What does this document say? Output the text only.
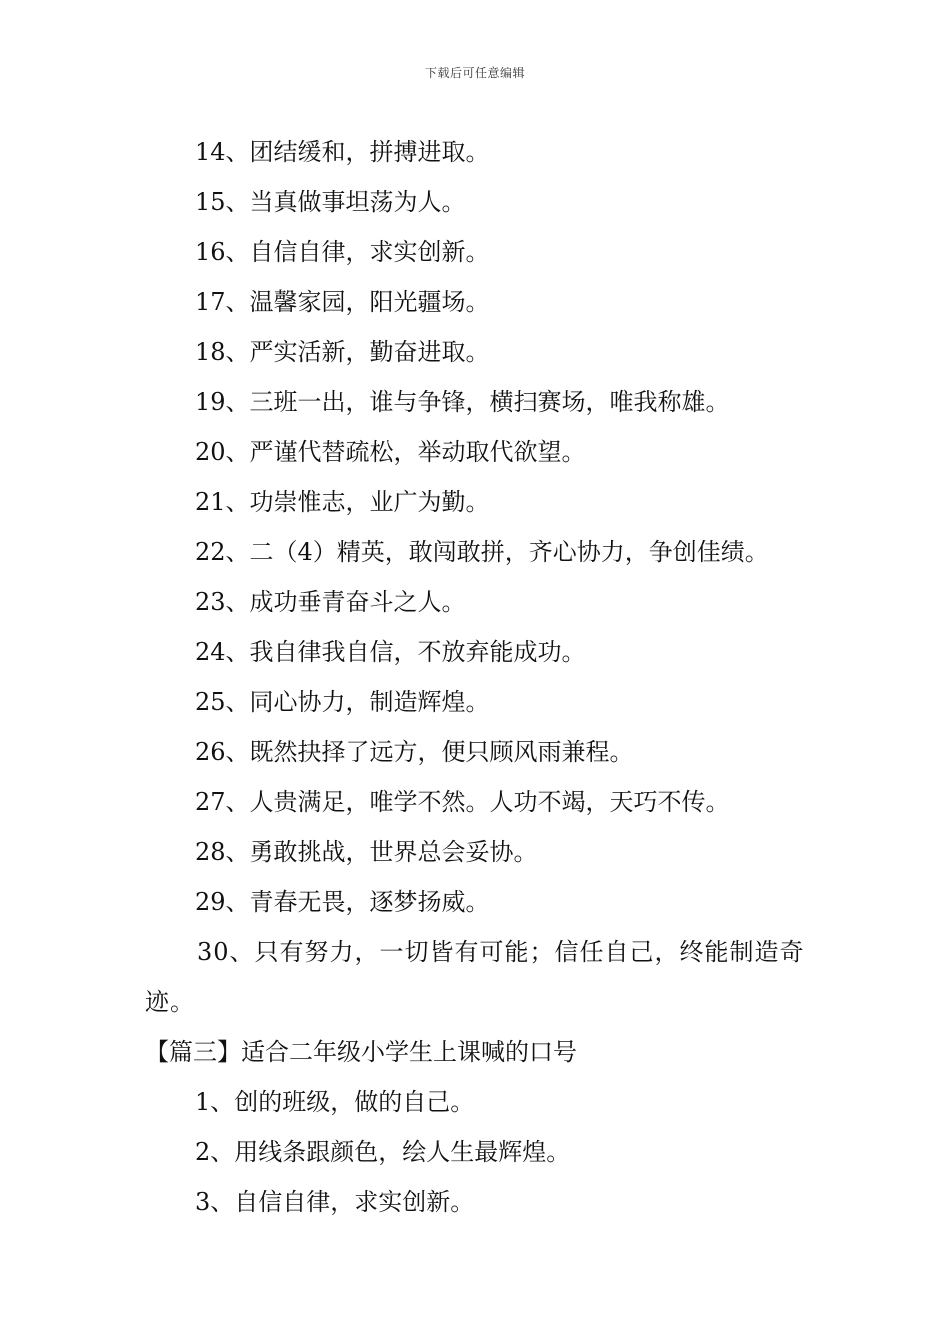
下载后可任意编辑
14、团结缓和，拼搏进取。
15、当真做事坦荡为人。
16、自信自律，求实创新。
17、温馨家园，阳光疆场。
18、严实活新，勤奋进取。
19、三班一出，谁与争锋，横扫赛场，唯我称雄。
20、严谨代替疏松，举动取代欲望。
21、功崇惟志，业广为勤。
22、二（4）精英，敢闯敢拼，齐心协力，争创佳绩。
23、成功垂青奋斗之人。
24、我自律我自信，不放弃能成功。
25、同心协力，制造辉煌。
26、既然抉择了远方，便只顾风雨兼程。
27、人贵满足，唯学不然。人功不竭，天巧不传。
28、勇敢挑战，世界总会妥协。
29、青春无畏，逐梦扬威。
30、只有努力，一切皆有可能；信任自己，终能制造奇迹。
【篇三】适合二年级小学生上课喊的口号
1、创的班级，做的自己。
2、用线条跟颜色，绘人生最辉煌。
3、自信自律，求实创新。
